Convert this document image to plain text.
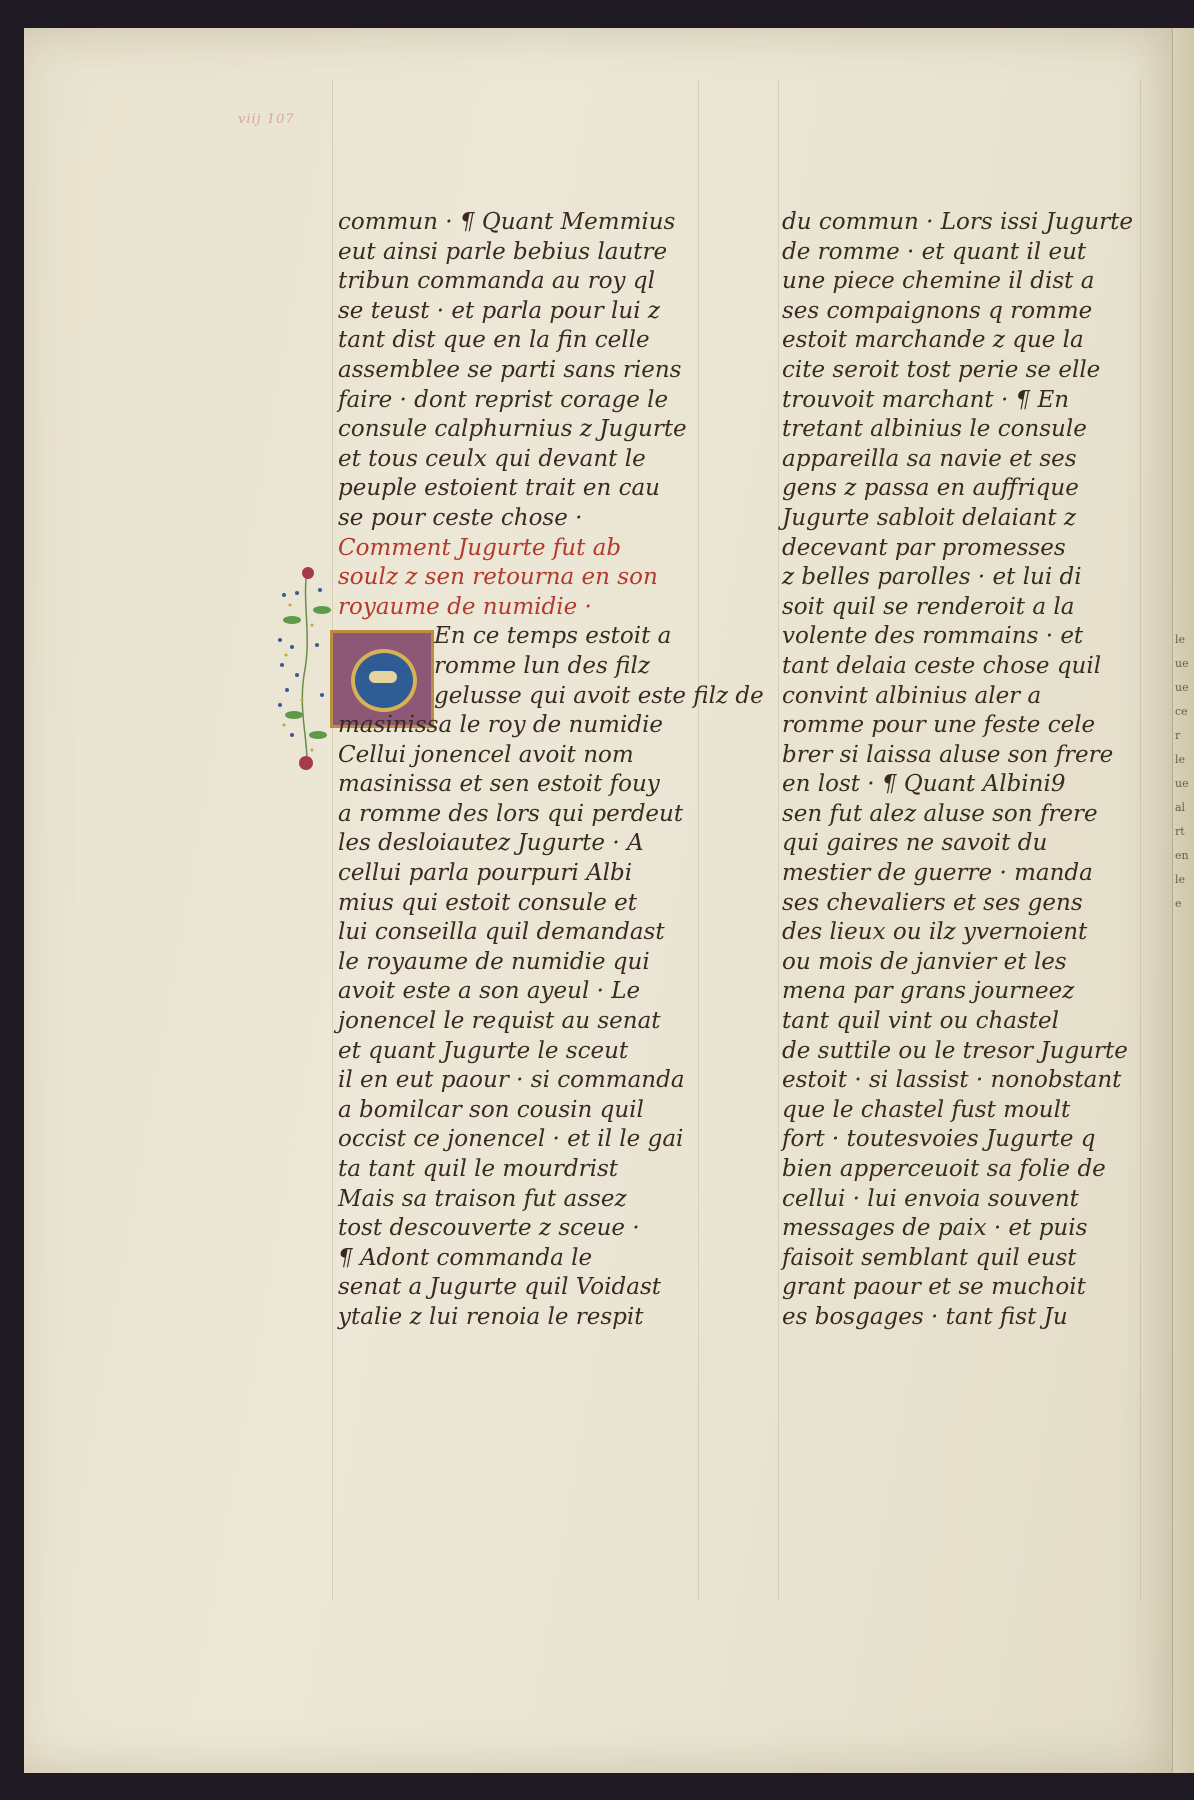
le
ue
ue
ce
r
le
ue
al
rt
en
le
e
viij 107
commun · ¶ Quant Memmius
eut ainsi parle bebius lautre
tribun commanda au roy ql
se teust · et parla pour lui z
tant dist que en la fin celle
assemblee se parti sans riens
faire · dont reprist corage le
consule calphurnius z Jugurte
et tous ceulx qui devant le
peuple estoient trait en cau
se pour ceste chose ·
Comment Jugurte fut ab
soulz z sen retourna en son
royaume de numidie ·
En ce temps estoit a
romme lun des filz
gelusse qui avoit este filz de
masinissa le roy de numidie
Cellui jonencel avoit nom
masinissa et sen estoit fouy
a romme des lors qui perdeut
les desloiautez Jugurte · A
cellui parla pourpuri Albi
mius qui estoit consule et
lui conseilla quil demandast
le royaume de numidie qui
avoit este a son ayeul · Le
jonencel le requist au senat
et quant Jugurte le sceut
il en eut paour · si commanda
a bomilcar son cousin quil
occist ce jonencel · et il le gai
ta tant quil le mourdrist
Mais sa traison fut assez
tost descouverte z sceue ·
¶ Adont commanda le
senat a Jugurte quil Voidast
ytalie z lui renoia le respit
du commun · Lors issi Jugurte
de romme · et quant il eut
une piece chemine il dist a
ses compaignons q romme
estoit marchande z que la
cite seroit tost perie se elle
trouvoit marchant · ¶ En
tretant albinius le consule
appareilla sa navie et ses
gens z passa en auffrique
Jugurte sabloit delaiant z
decevant par promesses
z belles parolles · et lui di
soit quil se renderoit a la
volente des rommains · et
tant delaia ceste chose quil
convint albinius aler a
romme pour une feste cele
brer si laissa aluse son frere
en lost · ¶ Quant Albini9
sen fut alez aluse son frere
qui gaires ne savoit du
mestier de guerre · manda
ses chevaliers et ses gens
des lieux ou ilz yvernoient
ou mois de janvier et les
mena par grans journeez
tant quil vint ou chastel
de suttile ou le tresor Jugurte
estoit · si lassist · nonobstant
que le chastel fust moult
fort · toutesvoies Jugurte q
bien apperceuoit sa folie de
cellui · lui envoia souvent
messages de paix · et puis
faisoit semblant quil eust
grant paour et se muchoit
es bosgages · tant fist Ju
